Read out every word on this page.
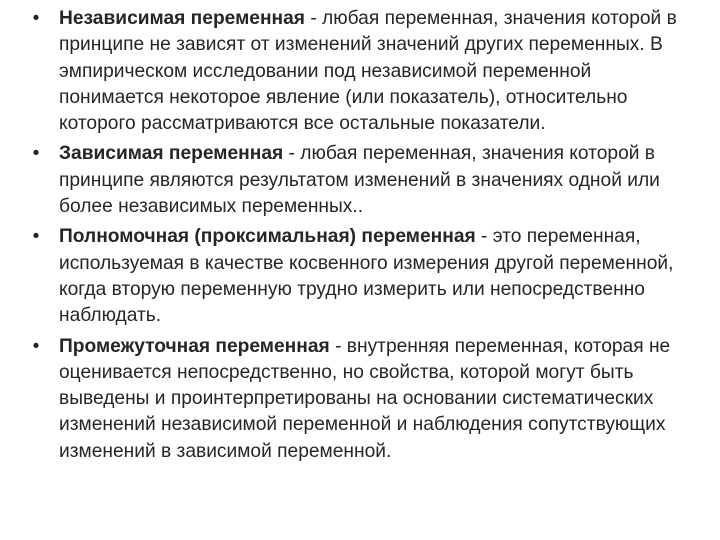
• Независимая переменная - любая переменная, значения которой в принципе не зависят от изменений значений других переменных. В эмпирическом исследовании под независимой переменной понимается некоторое явление (или показатель), относительно которого рассматриваются все остальные показатели.
• Зависимая переменная - любая переменная, значения которой в принципе являются результатом изменений в значениях одной или более независимых переменных..
• Полномочная (проксимальная) переменная - это переменная, используемая в качестве косвенного измерения другой переменной, когда вторую переменную трудно измерить или непосредственно наблюдать.
• Промежуточная переменная - внутренняя переменная, которая не оценивается непосредственно, но свойства, которой могут быть выведены и проинтерпретированы на основании систематических изменений независимой переменной и наблюдения сопутствующих изменений в зависимой переменной.
